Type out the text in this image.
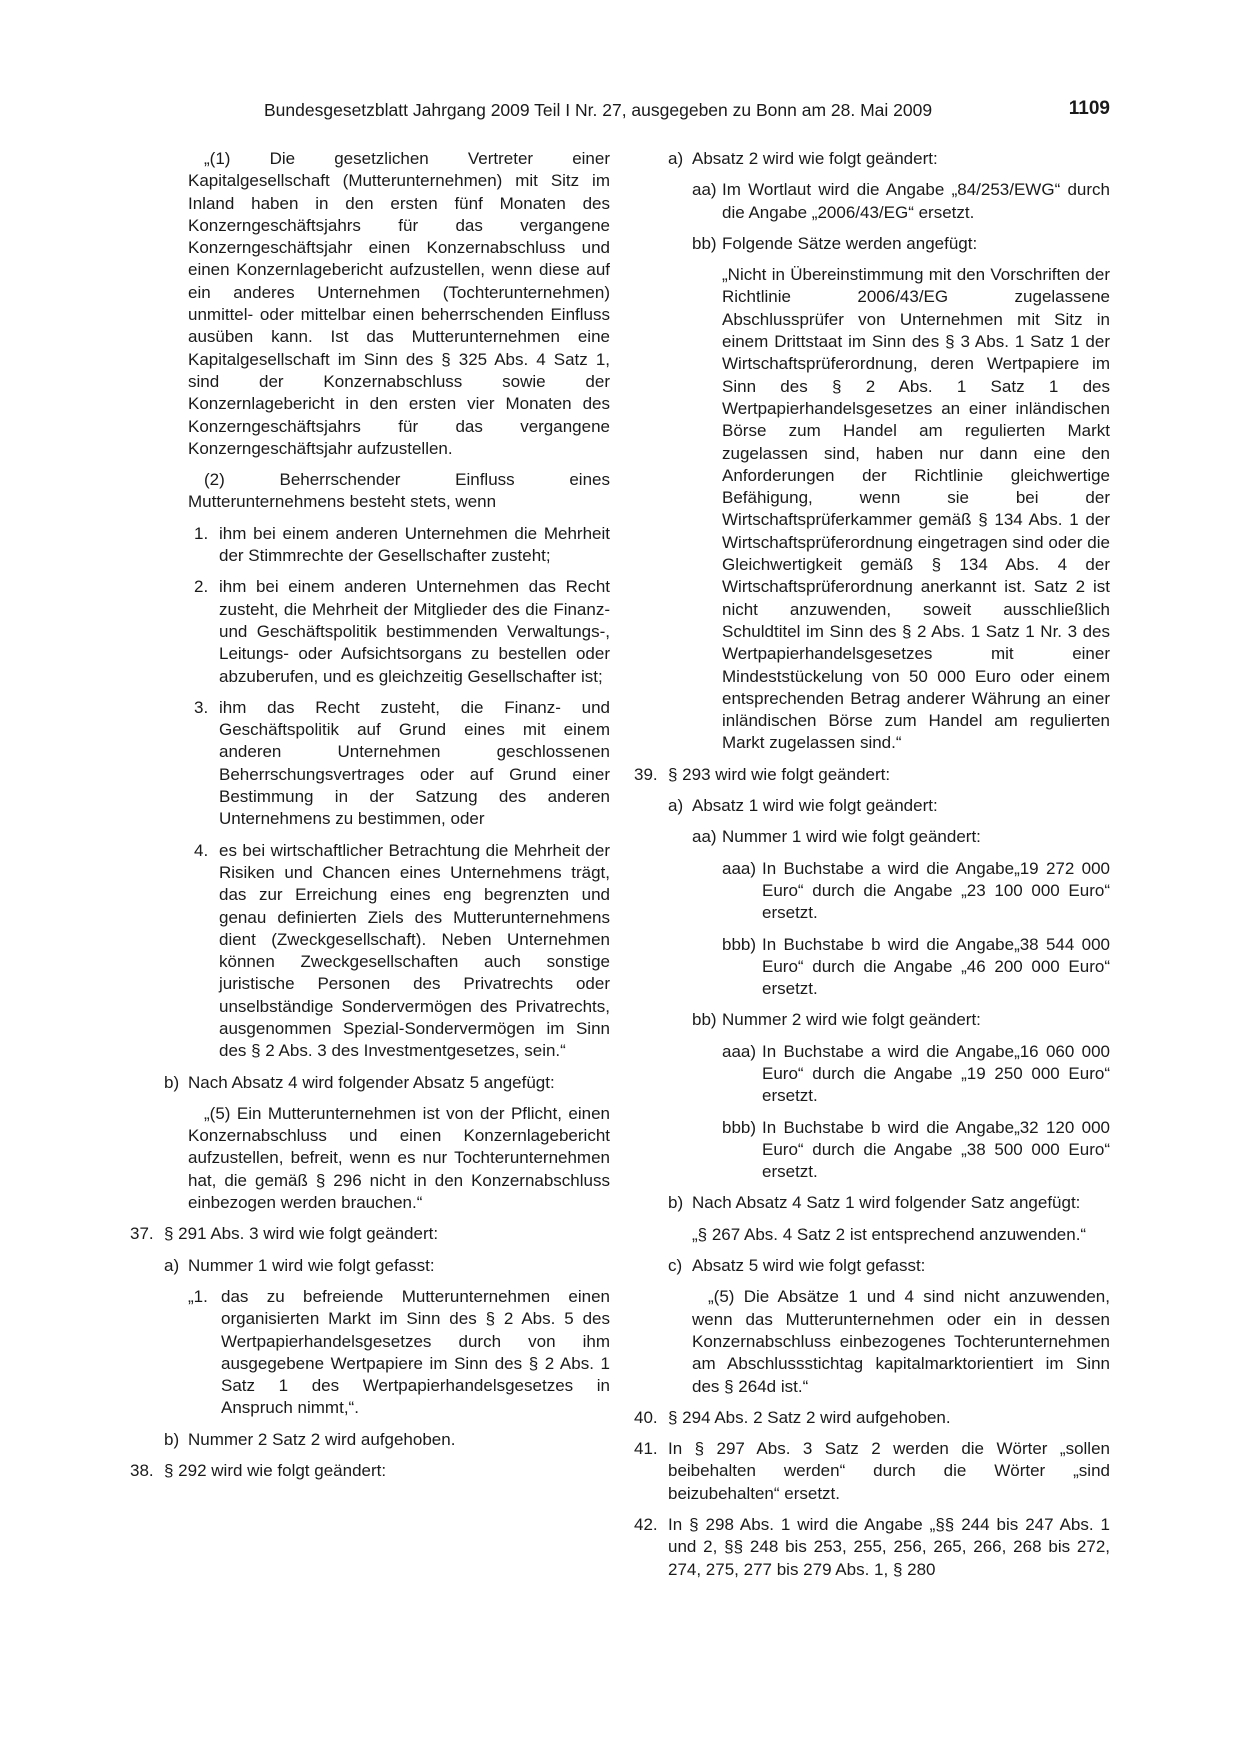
Bundesgesetzblatt Jahrgang 2009 Teil I Nr. 27, ausgegeben zu Bonn am 28. Mai 2009	1109

„(1) Die gesetzlichen Vertreter einer Kapitalgesellschaft (Mutterunternehmen) mit Sitz im Inland haben in den ersten fünf Monaten des Konzerngeschäftsjahrs für das vergangene Konzerngeschäftsjahr einen Konzernabschluss und einen Konzernlagebericht aufzustellen, wenn diese auf ein anderes Unternehmen (Tochterunternehmen) unmittel- oder mittelbar einen beherrschenden Einfluss ausüben kann. Ist das Mutterunternehmen eine Kapitalgesellschaft im Sinn des § 325 Abs. 4 Satz 1, sind der Konzernabschluss sowie der Konzernlagebericht in den ersten vier Monaten des Konzerngeschäftsjahrs für das vergangene Konzerngeschäftsjahr aufzustellen.

(2) Beherrschender Einfluss eines Mutterunternehmens besteht stets, wenn

1. ihm bei einem anderen Unternehmen die Mehrheit der Stimmrechte der Gesellschafter zusteht;
2. ihm bei einem anderen Unternehmen das Recht zusteht, die Mehrheit der Mitglieder des die Finanz- und Geschäftspolitik bestimmenden Verwaltungs-, Leitungs- oder Aufsichtsorgans zu bestellen oder abzuberufen, und es gleichzeitig Gesellschafter ist;
3. ihm das Recht zusteht, die Finanz- und Geschäftspolitik auf Grund eines mit einem anderen Unternehmen geschlossenen Beherrschungsvertrages oder auf Grund einer Bestimmung in der Satzung des anderen Unternehmens zu bestimmen, oder
4. es bei wirtschaftlicher Betrachtung die Mehrheit der Risiken und Chancen eines Unternehmens trägt, das zur Erreichung eines eng begrenzten und genau definierten Ziels des Mutterunternehmens dient (Zweckgesellschaft). Neben Unternehmen können Zweckgesellschaften auch sonstige juristische Personen des Privatrechts oder unselbständige Sondervermögen des Privatrechts, ausgenommen Spezial-Sondervermögen im Sinn des § 2 Abs. 3 des Investmentgesetzes, sein.“
b) Nach Absatz 4 wird folgender Absatz 5 angefügt:

„(5) Ein Mutterunternehmen ist von der Pflicht, einen Konzernabschluss und einen Konzernlagebericht aufzustellen, befreit, wenn es nur Tochterunternehmen hat, die gemäß § 296 nicht in den Konzernabschluss einbezogen werden brauchen.“

37. § 291 Abs. 3 wird wie folgt geändert:
a) Nummer 1 wird wie folgt gefasst:
„1. das zu befreiende Mutterunternehmen einen organisierten Markt im Sinn des § 2 Abs. 5 des Wertpapierhandelsgesetzes durch von ihm ausgegebene Wertpapiere im Sinn des § 2 Abs. 1 Satz 1 des Wertpapierhandelsgesetzes in Anspruch nimmt,“.
b) Nummer 2 Satz 2 wird aufgehoben.
38. § 292 wird wie folgt geändert:
a) Absatz 2 wird wie folgt geändert:
aa) Im Wortlaut wird die Angabe „84/253/EWG“ durch die Angabe „2006/43/EG“ ersetzt.
bb) Folgende Sätze werden angefügt:

„Nicht in Übereinstimmung mit den Vorschriften der Richtlinie 2006/43/EG zugelassene Abschlussprüfer von Unternehmen mit Sitz in einem Drittstaat im Sinn des § 3 Abs. 1 Satz 1 der Wirtschaftsprüferordnung, deren Wertpapiere im Sinn des § 2 Abs. 1 Satz 1 des Wertpapierhandelsgesetzes an einer inländischen Börse zum Handel am regulierten Markt zugelassen sind, haben nur dann eine den Anforderungen der Richtlinie gleichwertige Befähigung, wenn sie bei der Wirtschaftsprüferkammer gemäß § 134 Abs. 1 der Wirtschaftsprüferordnung eingetragen sind oder die Gleichwertigkeit gemäß § 134 Abs. 4 der Wirtschaftsprüferordnung anerkannt ist. Satz 2 ist nicht anzuwenden, soweit ausschließlich Schuldtitel im Sinn des § 2 Abs. 1 Satz 1 Nr. 3 des Wertpapierhandelsgesetzes mit einer Mindeststückelung von 50 000 Euro oder einem entsprechenden Betrag anderer Währung an einer inländischen Börse zum Handel am regulierten Markt zugelassen sind.“

39. § 293 wird wie folgt geändert:
a) Absatz 1 wird wie folgt geändert:
aa) Nummer 1 wird wie folgt geändert:
aaa) In Buchstabe a wird die Angabe„19 272 000 Euro“ durch die Angabe „23 100 000 Euro“ ersetzt.
bbb) In Buchstabe b wird die Angabe„38 544 000 Euro“ durch die Angabe „46 200 000 Euro“ ersetzt.
bb) Nummer 2 wird wie folgt geändert:
aaa) In Buchstabe a wird die Angabe„16 060 000 Euro“ durch die Angabe „19 250 000 Euro“ ersetzt.
bbb) In Buchstabe b wird die Angabe„32 120 000 Euro“ durch die Angabe „38 500 000 Euro“ ersetzt.
b) Nach Absatz 4 Satz 1 wird folgender Satz angefügt:

„§ 267 Abs. 4 Satz 2 ist entsprechend anzuwenden.“

c) Absatz 5 wird wie folgt gefasst:

„(5) Die Absätze 1 und 4 sind nicht anzuwenden, wenn das Mutterunternehmen oder ein in dessen Konzernabschluss einbezogenes Tochterunternehmen am Abschlussstichtag kapitalmarktorientiert im Sinn des § 264d ist.“

40. § 294 Abs. 2 Satz 2 wird aufgehoben.
41. In § 297 Abs. 3 Satz 2 werden die Wörter „sollen beibehalten werden“ durch die Wörter „sind beizubehalten“ ersetzt.
42. In § 298 Abs. 1 wird die Angabe „§§ 244 bis 247 Abs. 1 und 2, §§ 248 bis 253, 255, 256, 265, 266, 268 bis 272, 274, 275, 277 bis 279 Abs. 1, § 280
